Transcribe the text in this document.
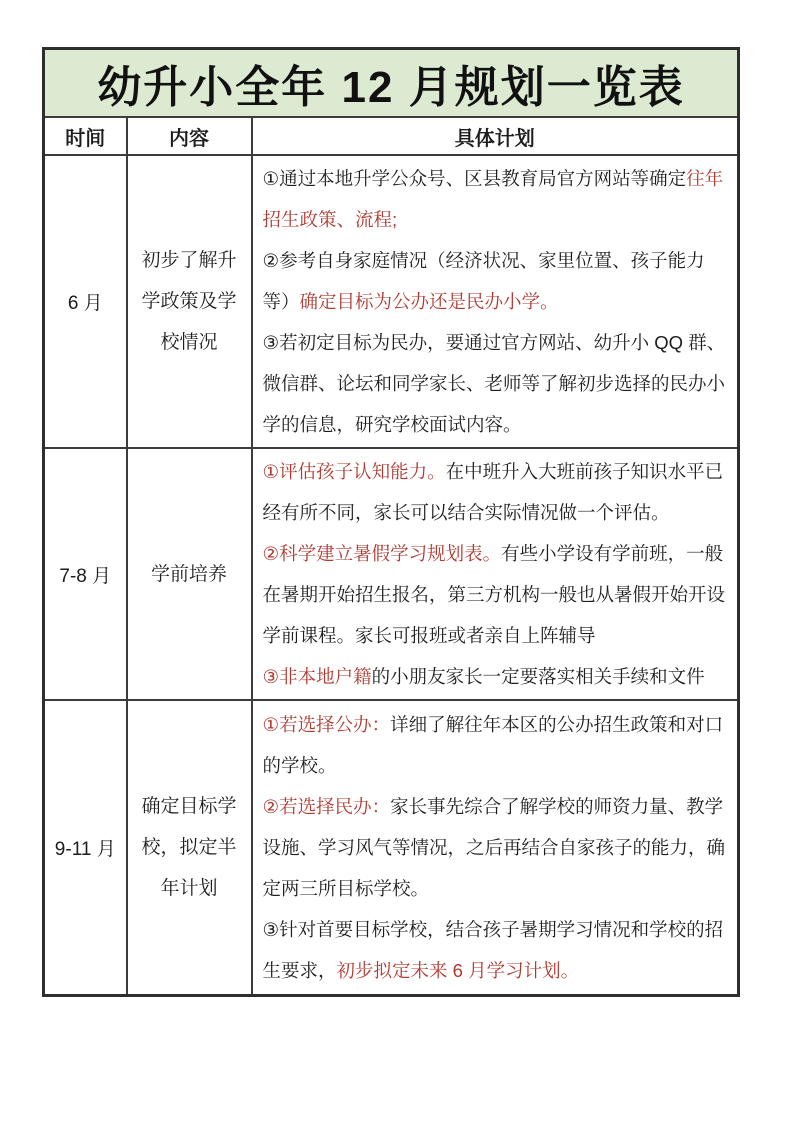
幼升小全年 12 月规划一览表		
时间	内容	具体计划
6 月	初步了解升学政策及学校情况	①通过本地升学公众号、区县教育局官方网站等确定往年招生政策、流程;

②参考自身家庭情况（经济状况、家里位置、孩子能力等）确定目标为公办还是民办小学。

③若初定目标为民办，要通过官方网站、幼升小 QQ 群、微信群、论坛和同学家长、老师等了解初步选择的民办小学的信息，研究学校面试内容。

7-8 月	学前培养	①评估孩子认知能力。在中班升入大班前孩子知识水平已经有所不同，家长可以结合实际情况做一个评估。

②科学建立暑假学习规划表。有些小学设有学前班，一般在暑期开始招生报名，第三方机构一般也从暑假开始开设学前课程。家长可报班或者亲自上阵辅导

③非本地户籍的小朋友家长一定要落实相关手续和文件

9-11 月	确定目标学校，拟定半年计划	①若选择公办：详细了解往年本区的公办招生政策和对口的学校。

②若选择民办：家长事先综合了解学校的师资力量、教学设施、学习风气等情况，之后再结合自家孩子的能力，确定两三所目标学校。

③针对首要目标学校，结合孩子暑期学习情况和学校的招生要求，初步拟定未来 6 月学习计划。
